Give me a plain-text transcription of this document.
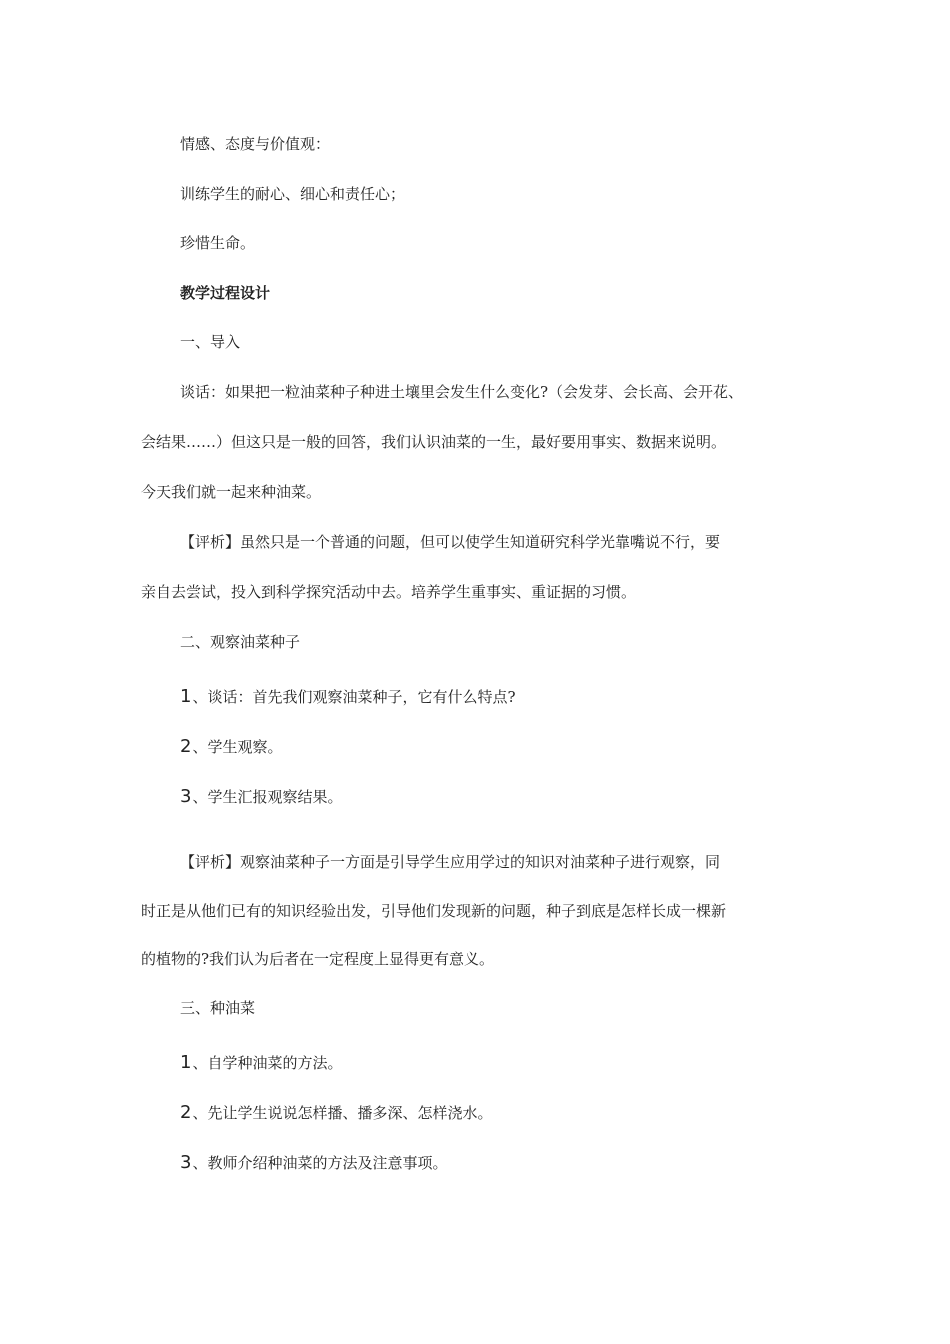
情感、态度与价值观：
训练学生的耐心、细心和责任心；
珍惜生命。
教学过程设计
一、导入
谈话：如果把一粒油菜种子种进土壤里会发生什么变化?（会发芽、会长高、会开花、
会结果……）但这只是一般的回答，我们认识油菜的一生，最好要用事实、数据来说明。
今天我们就一起来种油菜。
【评析】虽然只是一个普通的问题，但可以使学生知道研究科学光靠嘴说不行，要
亲自去尝试，投入到科学探究活动中去。培养学生重事实、重证据的习惯。
二、观察油菜种子
1、谈话：首先我们观察油菜种子，它有什么特点?
2、学生观察。
3、学生汇报观察结果。
【评析】观察油菜种子一方面是引导学生应用学过的知识对油菜种子进行观察，同
时正是从他们已有的知识经验出发，引导他们发现新的问题，种子到底是怎样长成一棵新
的植物的?我们认为后者在一定程度上显得更有意义。
三、种油菜
1、自学种油菜的方法。
2、先让学生说说怎样播、播多深、怎样浇水。
3、教师介绍种油菜的方法及注意事项。
